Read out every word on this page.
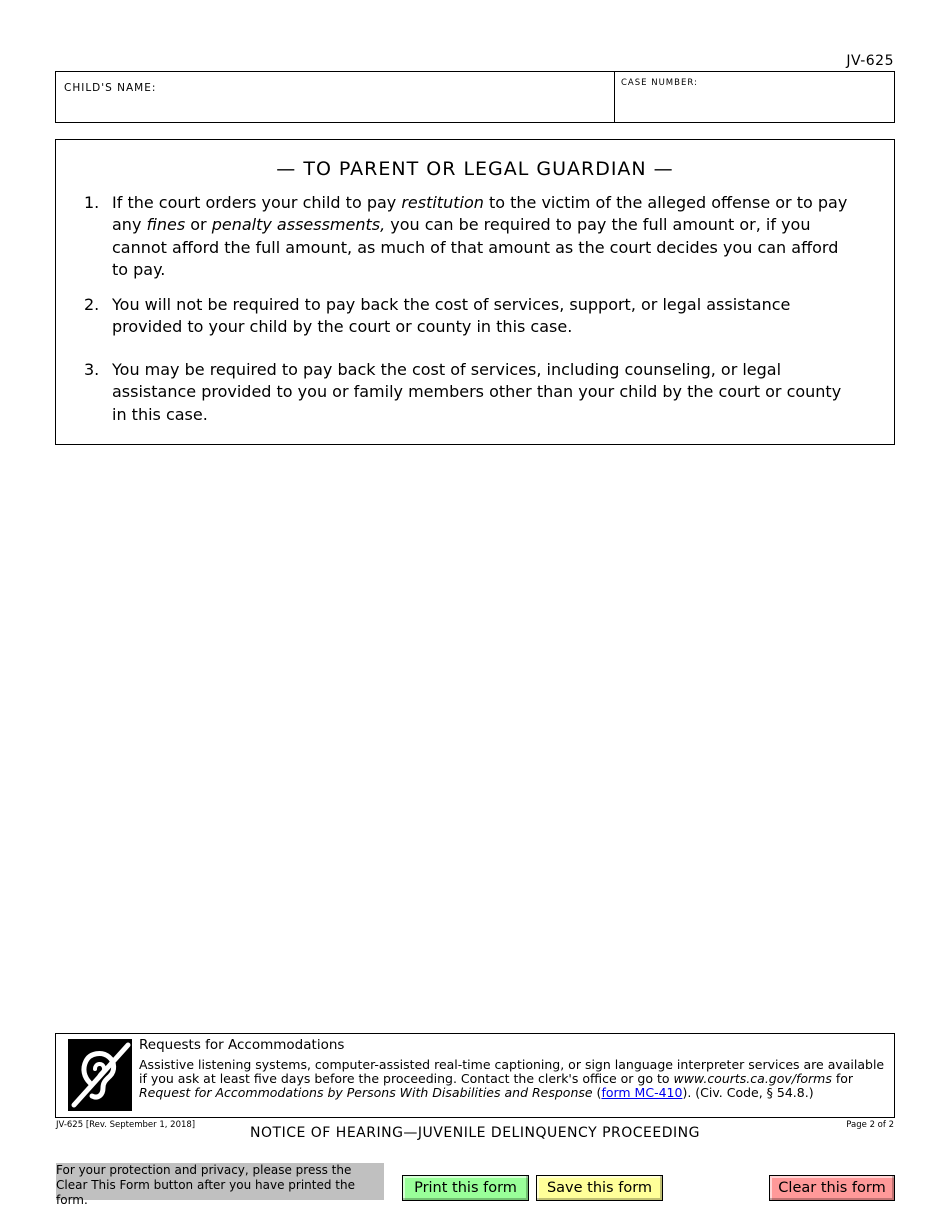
JV-625
CHILD'S NAME:	CASE NUMBER:
— TO PARENT OR LEGAL GUARDIAN —
1. If the court orders your child to pay restitution to the victim of the alleged offense or to pay any fines or penalty assessments, you can be required to pay the full amount or, if you cannot afford the full amount, as much of that amount as the court decides you can afford to pay.
2. You will not be required to pay back the cost of services, support, or legal assistance provided to your child by the court or county in this case.
3. You may be required to pay back the cost of services, including counseling, or legal assistance provided to you or family members other than your child by the court or county in this case.
Requests for Accommodations
Assistive listening systems, computer-assisted real-time captioning, or sign language interpreter services are available if you ask at least five days before the proceeding. Contact the clerk's office or go to www.courts.ca.gov/forms for Request for Accommodations by Persons With Disabilities and Response (form MC-410). (Civ. Code, § 54.8.)
JV-625 [Rev. September 1, 2018]	Page 2 of 2
NOTICE OF HEARING—JUVENILE DELINQUENCY PROCEEDING
For your protection and privacy, please press the Clear This Form button after you have printed the form.
Print this form	Save this form	Clear this form
